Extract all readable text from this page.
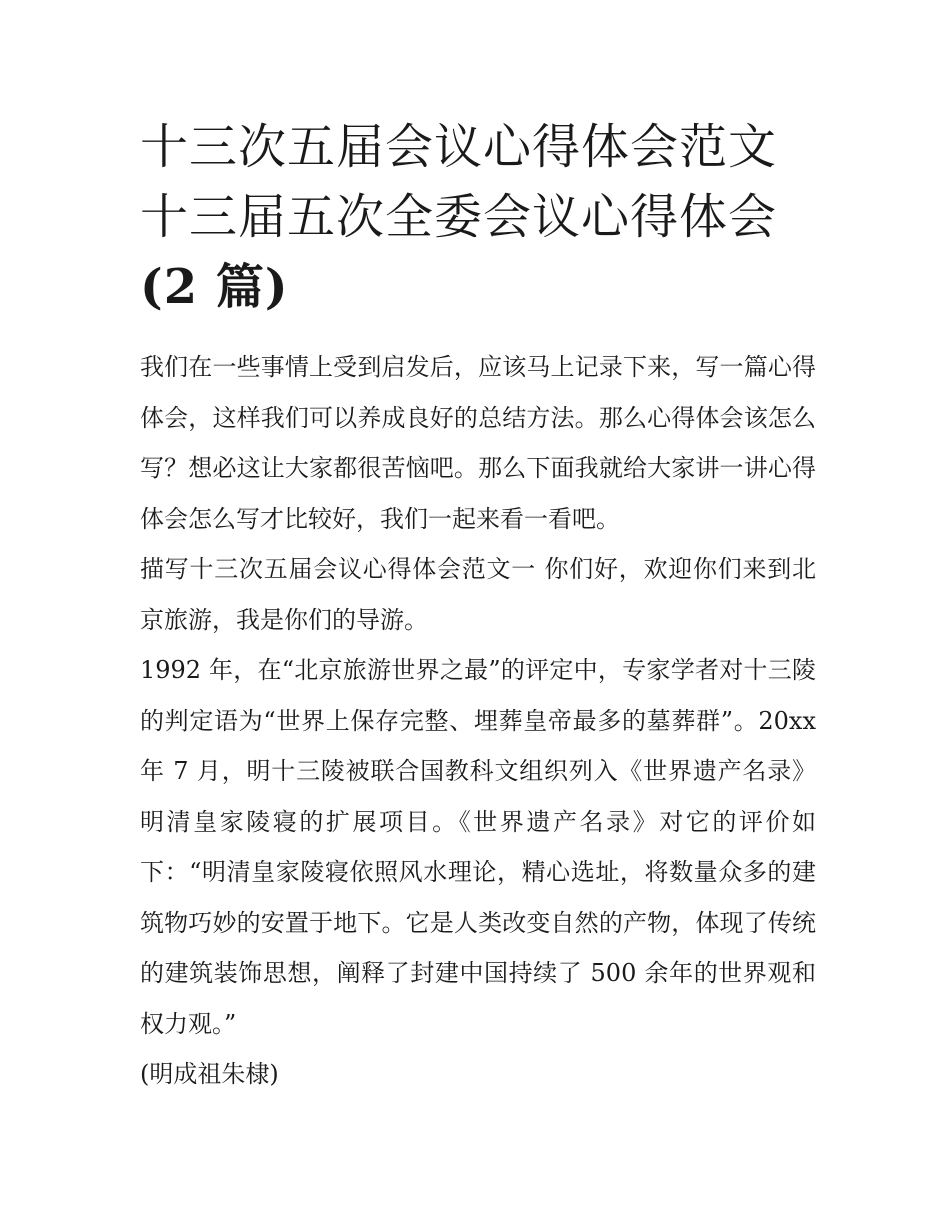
十三次五届会议心得体会范文
十三届五次全委会议心得体会
(2 篇)

我们在一些事情上受到启发后，应该马上记录下来，写一篇心得体会，这样我们可以养成良好的总结方法。那么心得体会该怎么写？想必这让大家都很苦恼吧。那么下面我就给大家讲一讲心得体会怎么写才比较好，我们一起来看一看吧。

描写十三次五届会议心得体会范文一 你们好，欢迎你们来到北京旅游，我是你们的导游。

1992 年，在“北京旅游世界之最”的评定中，专家学者对十三陵的判定语为“世界上保存完整、埋葬皇帝最多的墓葬群”。20xx 年 7 月，明十三陵被联合国教科文组织列入《世界遗产名录》明清皇家陵寝的扩展项目。《世界遗产名录》对它的评价如下：“明清皇家陵寝依照风水理论，精心选址，将数量众多的建筑物巧妙的安置于地下。它是人类改变自然的产物，体现了传统的建筑装饰思想，阐释了封建中国持续了 500 余年的世界观和权力观。”

(明成祖朱棣)
